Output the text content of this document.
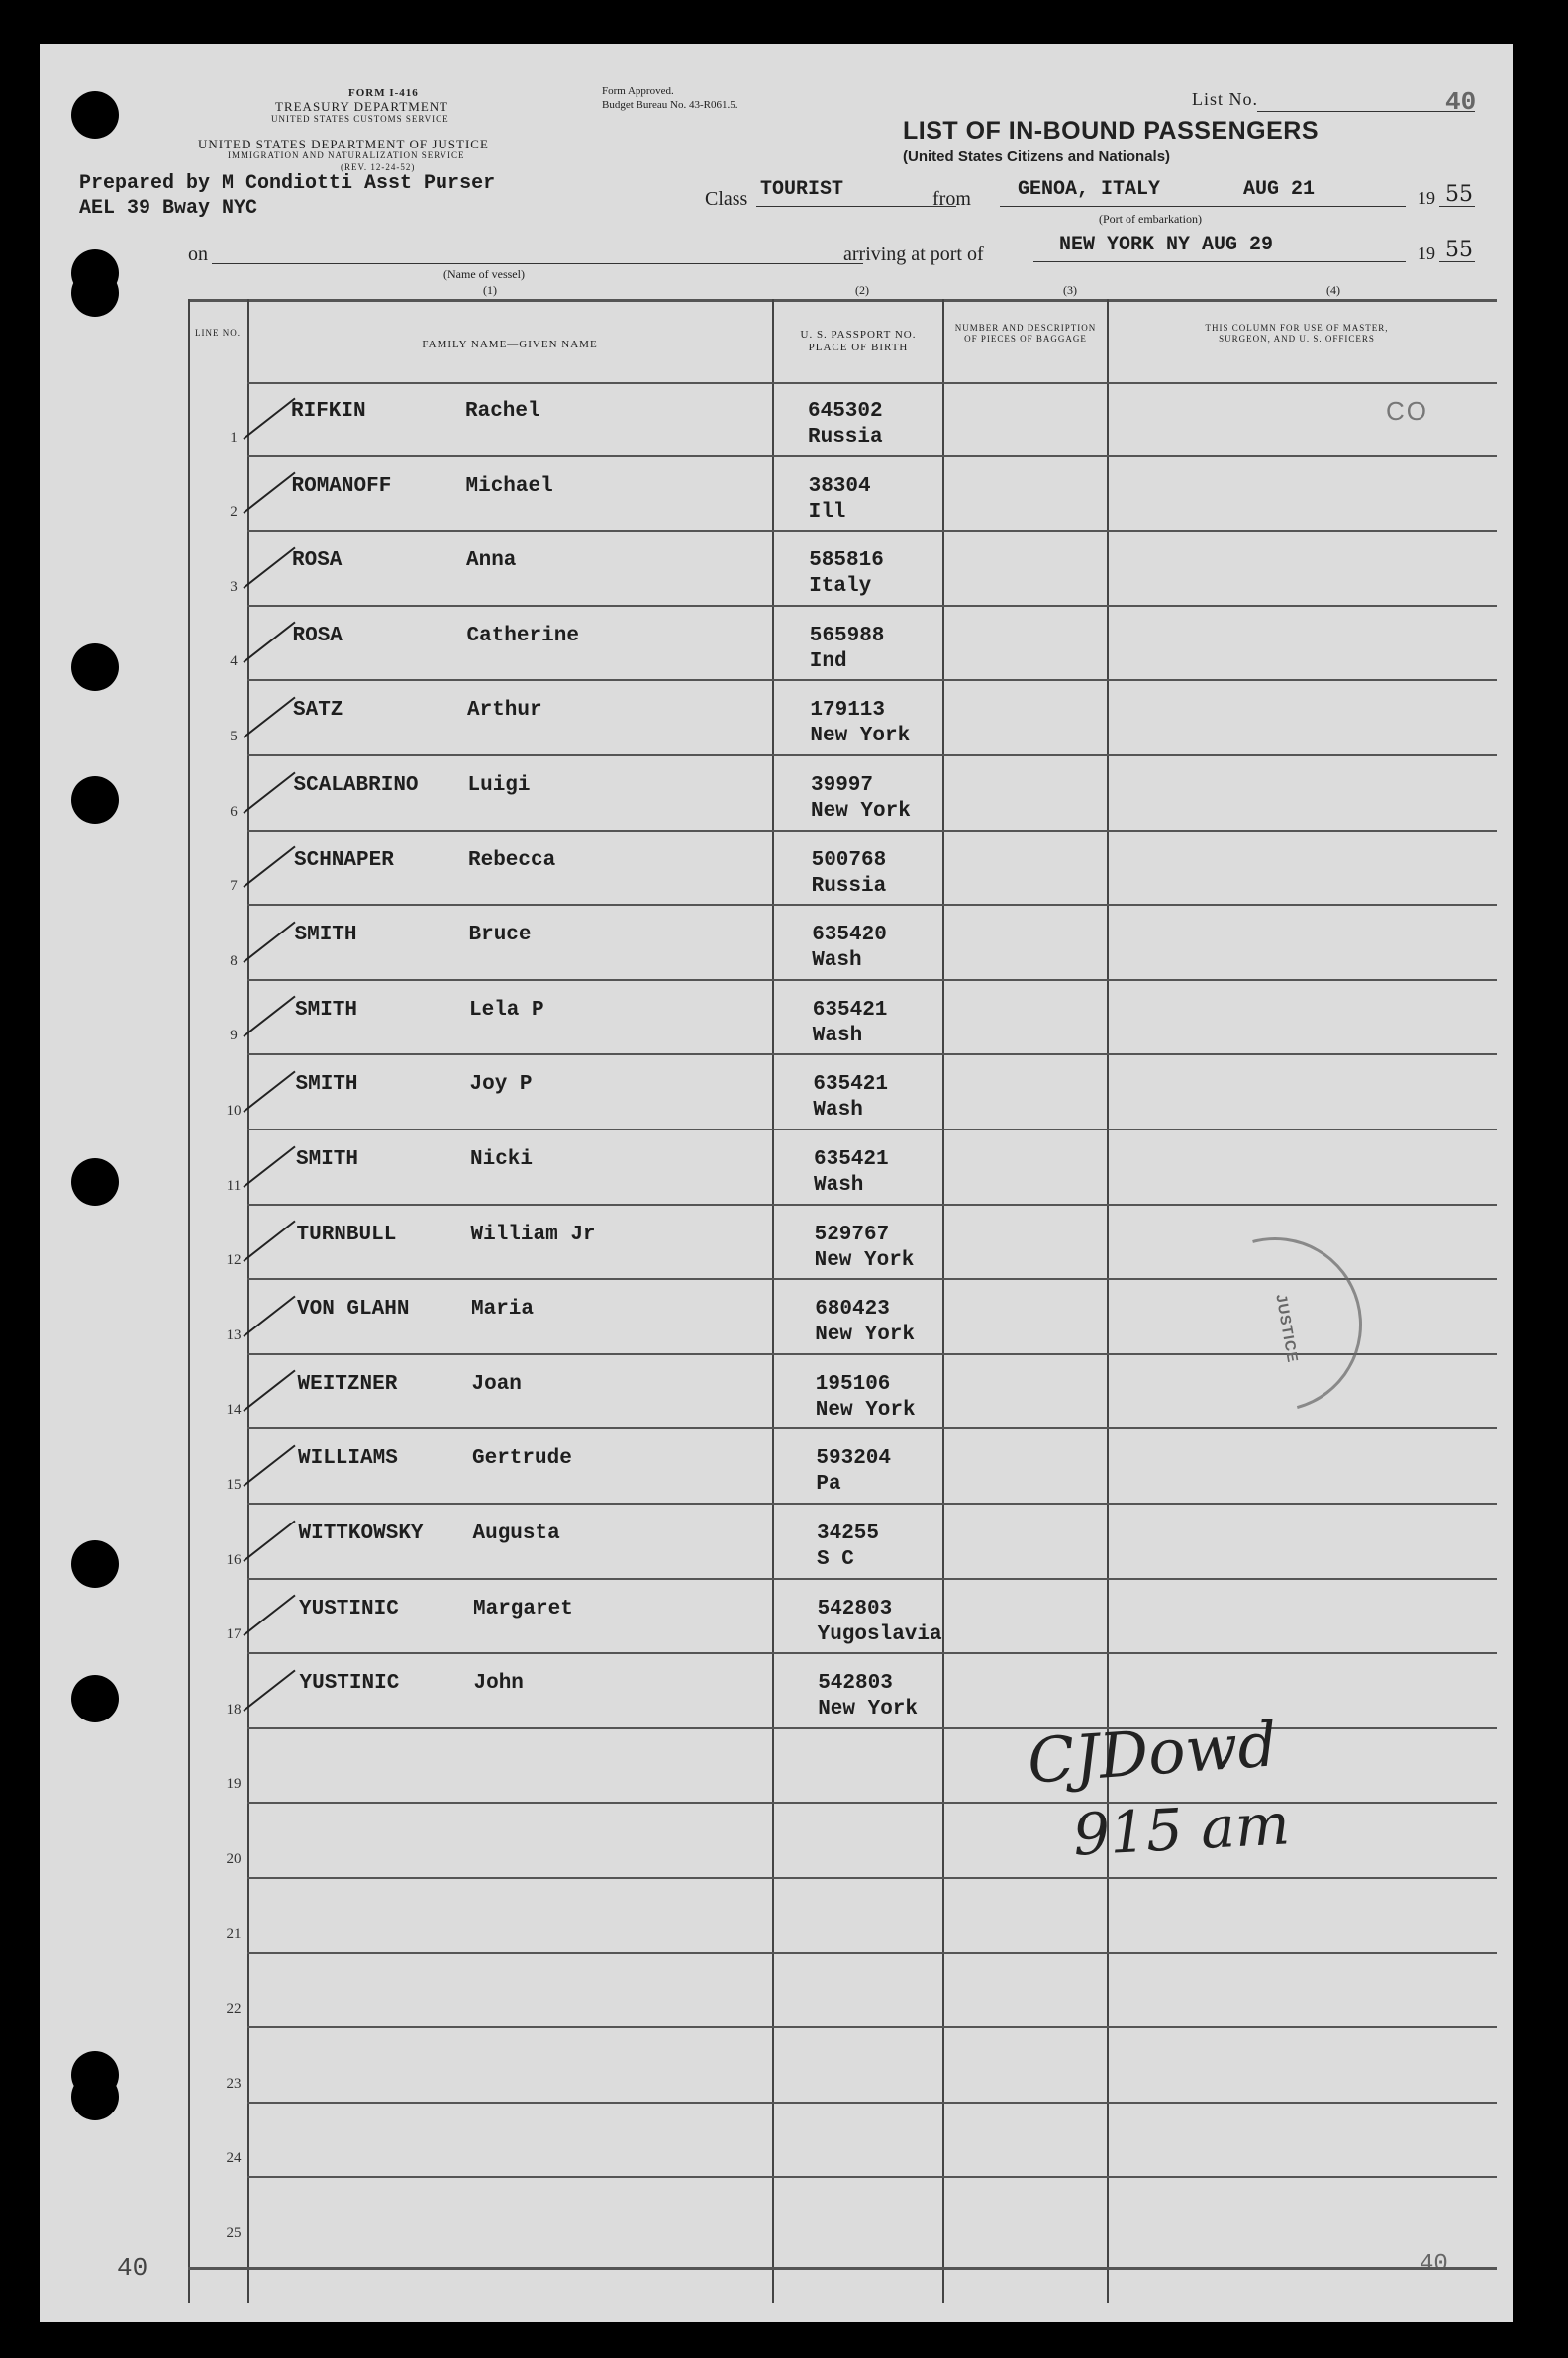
FORM I-416
TREASURY DEPARTMENT
UNITED STATES CUSTOMS SERVICE
UNITED STATES DEPARTMENT OF JUSTICE
IMMIGRATION AND NATURALIZATION SERVICE
(REV. 12-24-52)
Form Approved.
Budget Bureau No. 43-R061.5.	List No.	40
LIST OF IN-BOUND PASSENGERS
(United States Citizens and Nationals)
Prepared by M Condiotti Asst Purser
AEL 39 Bway NYC	Class TOURIST	from GENOA, ITALY	AUG 21
(Port of embarkation)
19 55
on
(Name of vessel)
(1)
arriving at port of	NEW YORK NY AUG 29	19 55
(2)	(3)	(4)
LINE NO.
FAMILY NAME—GIVEN NAME
U. S. PASSPORT NO. PLACE OF BIRTH
NUMBER AND DESCRIPTION OF PIECES OF BAGGAGE
THIS COLUMN FOR USE OF MASTER, SURGEON, AND U. S. OFFICERS
1
RIFKIN	Rachel	645302
Russia
2
ROMANOFF	Michael	38304
Ill
3
ROSA	Anna	585816
Italy
4
ROSA	Catherine	565988
Ind
5
SATZ	Arthur	179113
New York
6
SCALABRINO Luigi	39997
New York
7
SCHNAPER	Rebecca	500768
Russia
8
SMITH	Bruce	635420
Wash
9
SMITH	Lela P	635421
Wash
10
SMITH	Joy P	635421
Wash
11
SMITH	Nicki	635421
Wash
12
TURNBULL	William Jr	529767
New York
13
VON GLAHN	Maria	680423
New York
14
WEITZNER	Joan	195106
New York
15
WILLIAMS	Gertrude	593204
Pa
16
WITTKOWSKY Augusta	34255
S C
17
YUSTINIC	Margaret	542803
Yugoslavia
18
YUSTINIC	John	542803
New York
19
20
21
22
23
24
25
CO
JUSTICE
CJDowd
915 am
40	40
